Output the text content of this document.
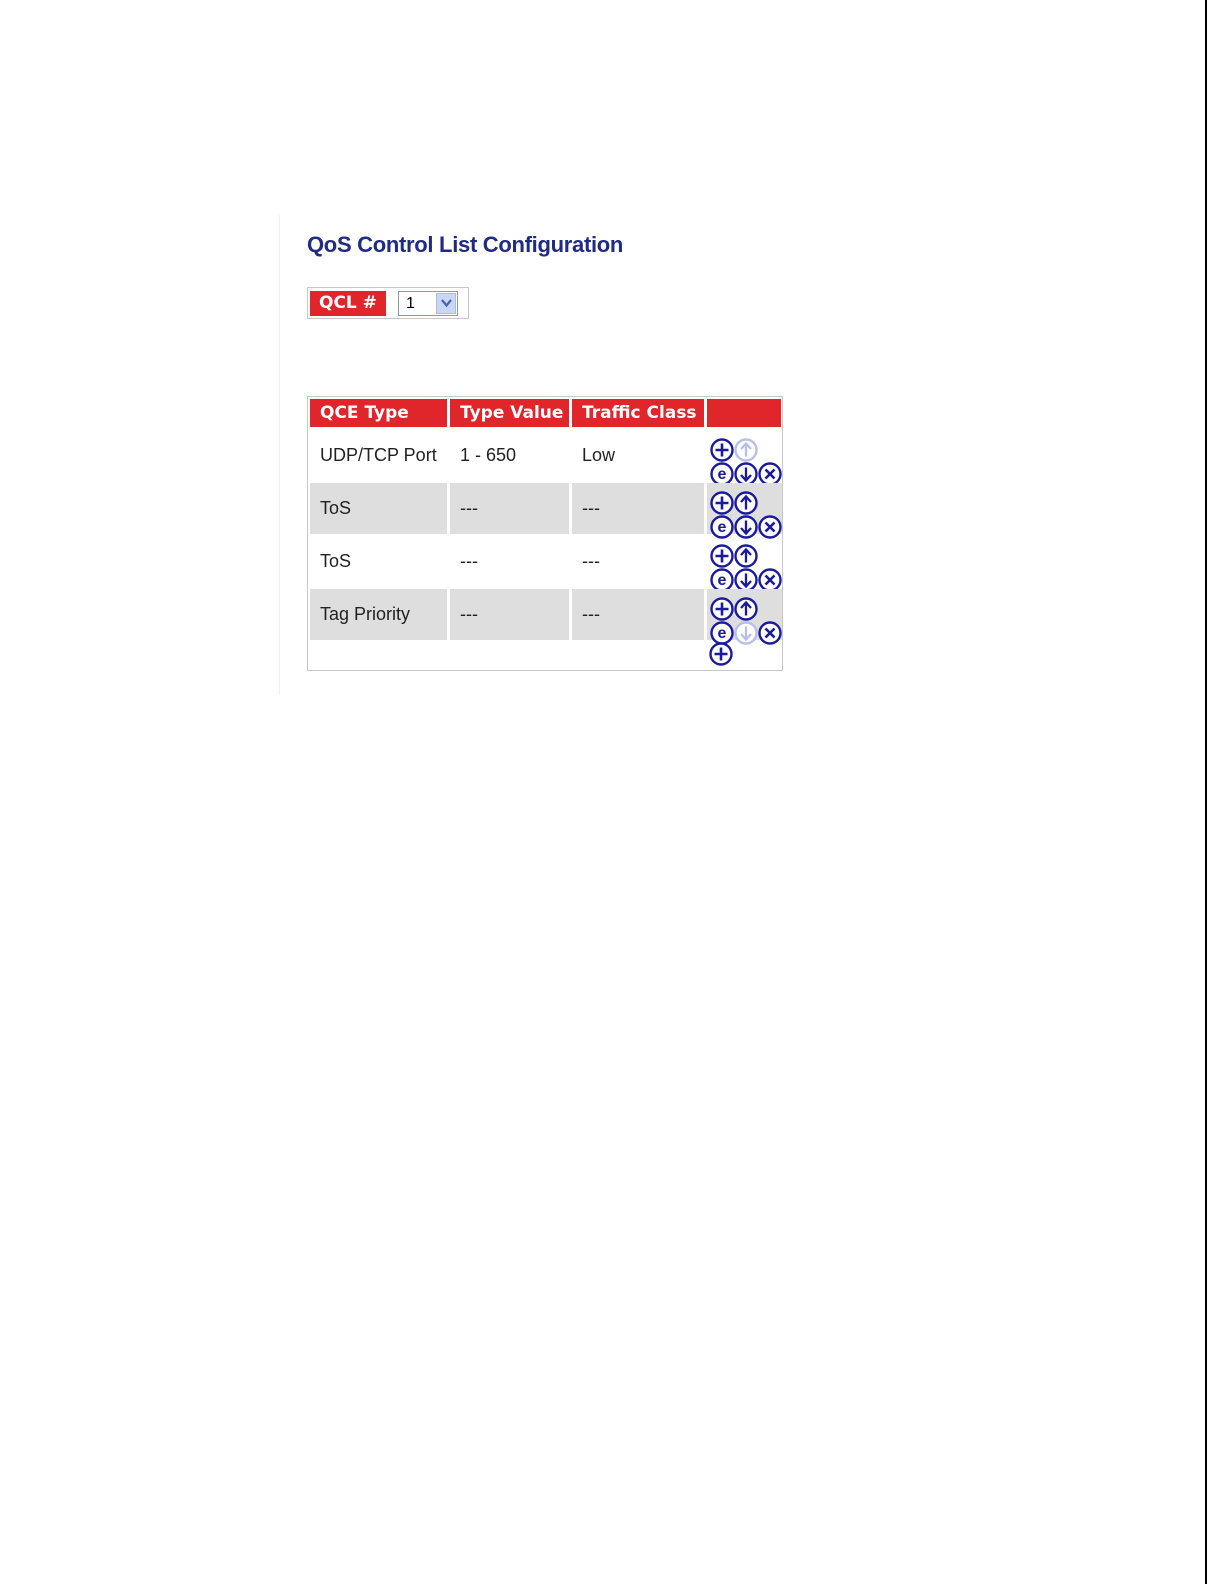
QoS Control List Configuration
QCL #	1
QCE Type	Type Value	Traffic Class
UDP/TCP Port	1 - 650	Low
e
ToS	---	---
e
ToS	---	---
e
Tag Priority	---	---
e
